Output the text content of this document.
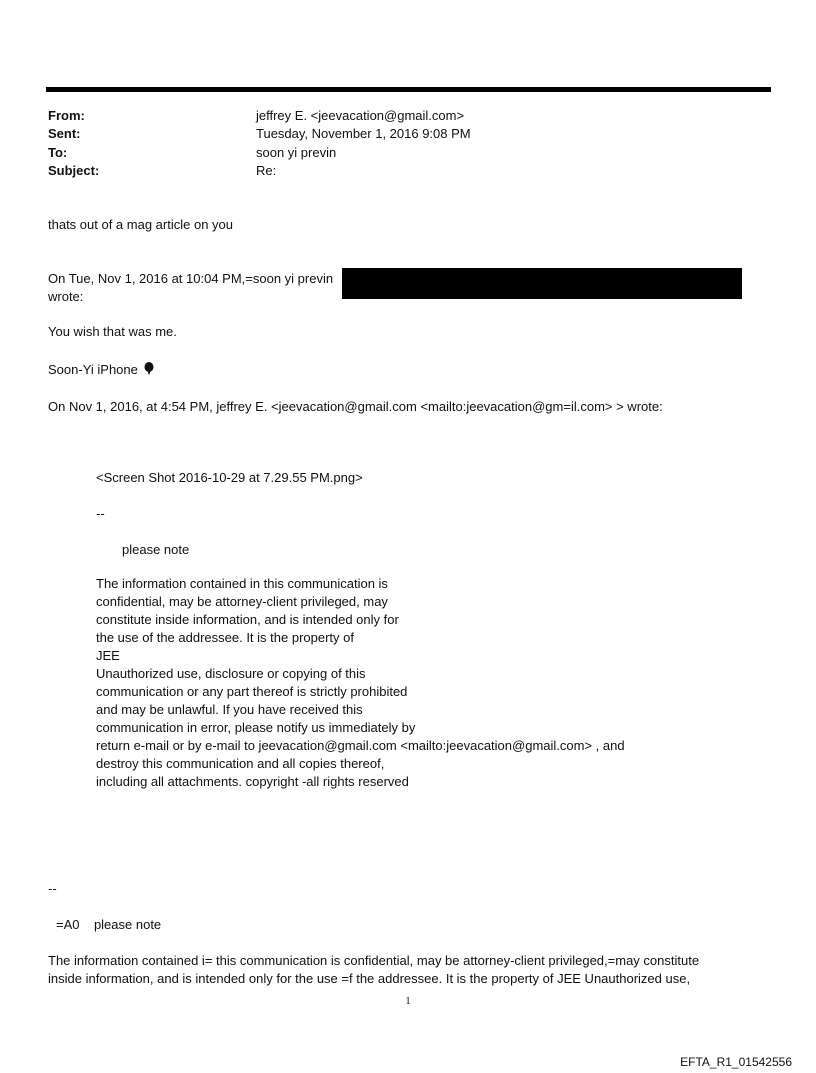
From:	jeffrey E. <jeevacation@gmail.com>
Sent:	Tuesday, November 1, 2016 9:08 PM
To:	soon yi previn
Subject:	Re:
thats out of a mag article on you
On Tue, Nov 1, 2016 at 10:04 PM,=soon yi previn
wrote:
You wish that was me.
Soon-Yi iPhone
On Nov 1, 2016, at 4:54 PM, jeffrey E. <jeevacation@gmail.com <mailto:jeevacation@gm=il.com> > wrote:
<Screen Shot 2016-10-29 at 7.29.55 PM.png>
--
please note
The information contained in this communication is
confidential, may be attorney-client privileged, may
constitute inside information, and is intended only for
the use of the addressee. It is the property of
JEE
Unauthorized use, disclosure or copying of this
communication or any part thereof is strictly prohibited
and may be unlawful. If you have received this
communication in error, please notify us immediately by
return e-mail or by e-mail to jeevacation@gmail.com <mailto:jeevacation@gmail.com> , and
destroy this communication and all copies thereof,
including all attachments. copyright -all rights reserved
--
=A0    please note
The information contained i= this communication is confidential, may be attorney-client privileged,=may constitute
inside information, and is intended only for the use =f the addressee. It is the property of JEE Unauthorized use,
1
EFTA_R1_01542556
